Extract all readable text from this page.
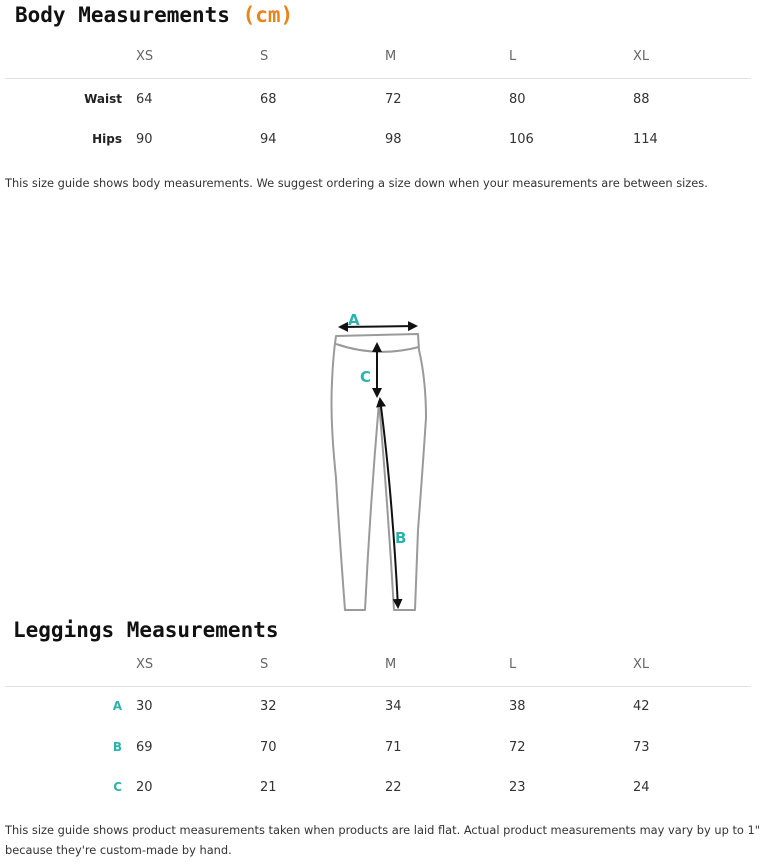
Body Measurements (cm)
XS	S	M	L	XL
Waist 64	68	72	80	88
Hips 90	94	98	106	114
This size guide shows body measurements. We suggest ordering a size down when your measurements are between sizes.
A
C
B
Leggings Measurements
XS	S	M	L	XL
A 30	32	34	38	42
B 69	70	71	72	73
C 20	21	22	23	24
This size guide shows product measurements taken when products are laid flat. Actual product measurements may vary by up to 1" because they're custom-made by hand.
